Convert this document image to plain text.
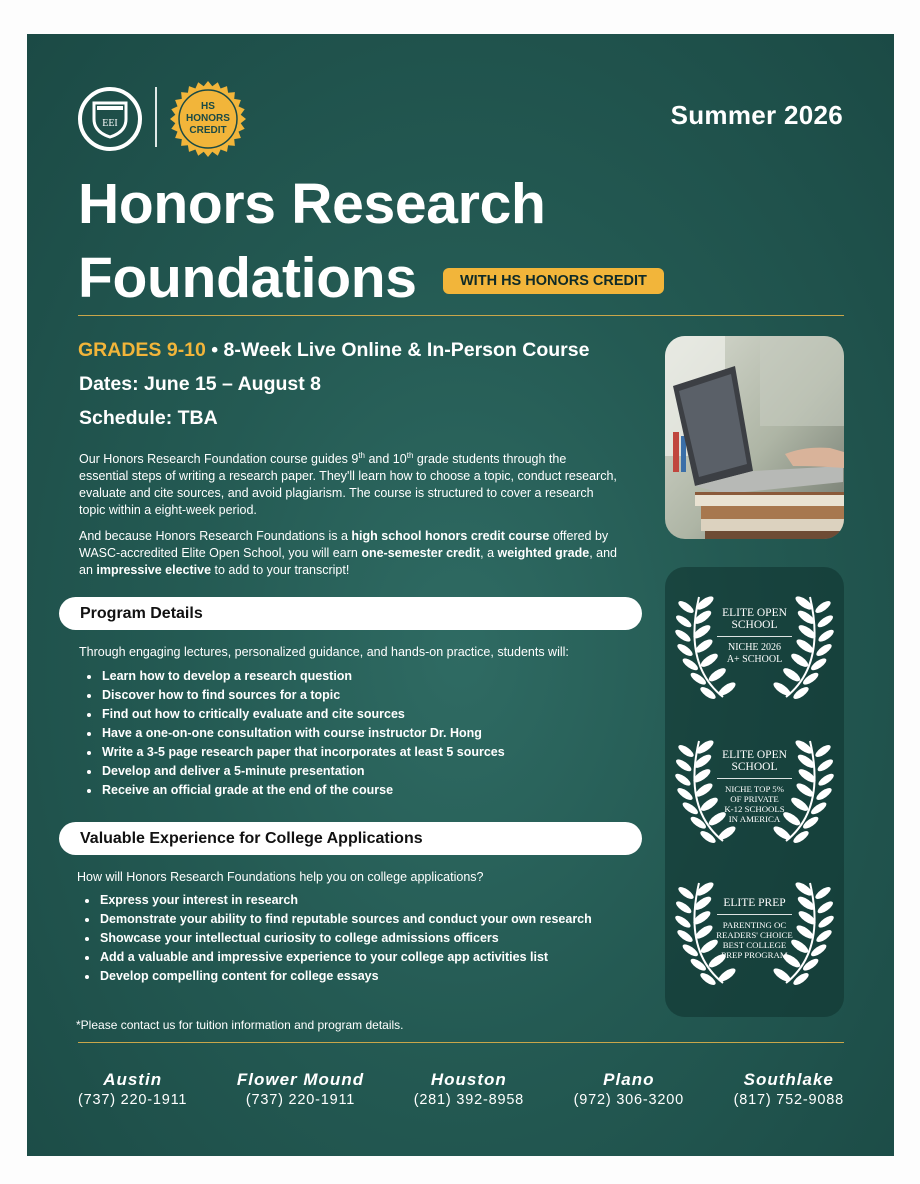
EEI
HS
HONORS
CREDIT
Summer 2026
Honors Research
Foundations	WITH HS HONORS CREDIT
GRADES 9-10 • 8-Week Live Online & In-Person Course
Dates: June 15 – August 8
Schedule: TBA
Our Honors Research Foundation course guides 9th and 10th grade students through the essential steps of writing a research paper. They'll learn how to choose a topic, conduct research, evaluate and cite sources, and avoid plagiarism. The course is structured to cover a research topic within a eight-week period.
And because Honors Research Foundations is a high school honors credit course offered by WASC-accredited Elite Open School, you will earn one-semester credit, a weighted grade, and an impressive elective to add to your transcript!
Program Details
Through engaging lectures, personalized guidance, and hands-on practice, students will:
Learn how to develop a research question
Discover how to find sources for a topic
Find out how to critically evaluate and cite sources
Have a one-on-one consultation with course instructor Dr. Hong
Write a 3-5 page research paper that incorporates at least 5 sources
Develop and deliver a 5-minute presentation
Receive an official grade at the end of the course
Valuable Experience for College Applications
How will Honors Research Foundations help you on college applications?
Express your interest in research
Demonstrate your ability to find reputable sources and conduct your own research
Showcase your intellectual curiosity to college admissions officers
Add a valuable and impressive experience to your college app activities list
Develop compelling content for college essays
*Please contact us for tuition information and program details.
ELITE OPEN
SCHOOL
NICHE 2026
A+ SCHOOL
ELITE OPEN
SCHOOL
NICHE TOP 5%
OF PRIVATE
K-12 SCHOOLS
IN AMERICA
ELITE PREP
PARENTING OC
READERS' CHOICE
BEST COLLEGE
PREP PROGRAM
Austin
(737) 220-1911
Flower Mound
(737) 220-1911
Houston
(281) 392-8958
Plano
(972) 306-3200
Southlake
(817) 752-9088
